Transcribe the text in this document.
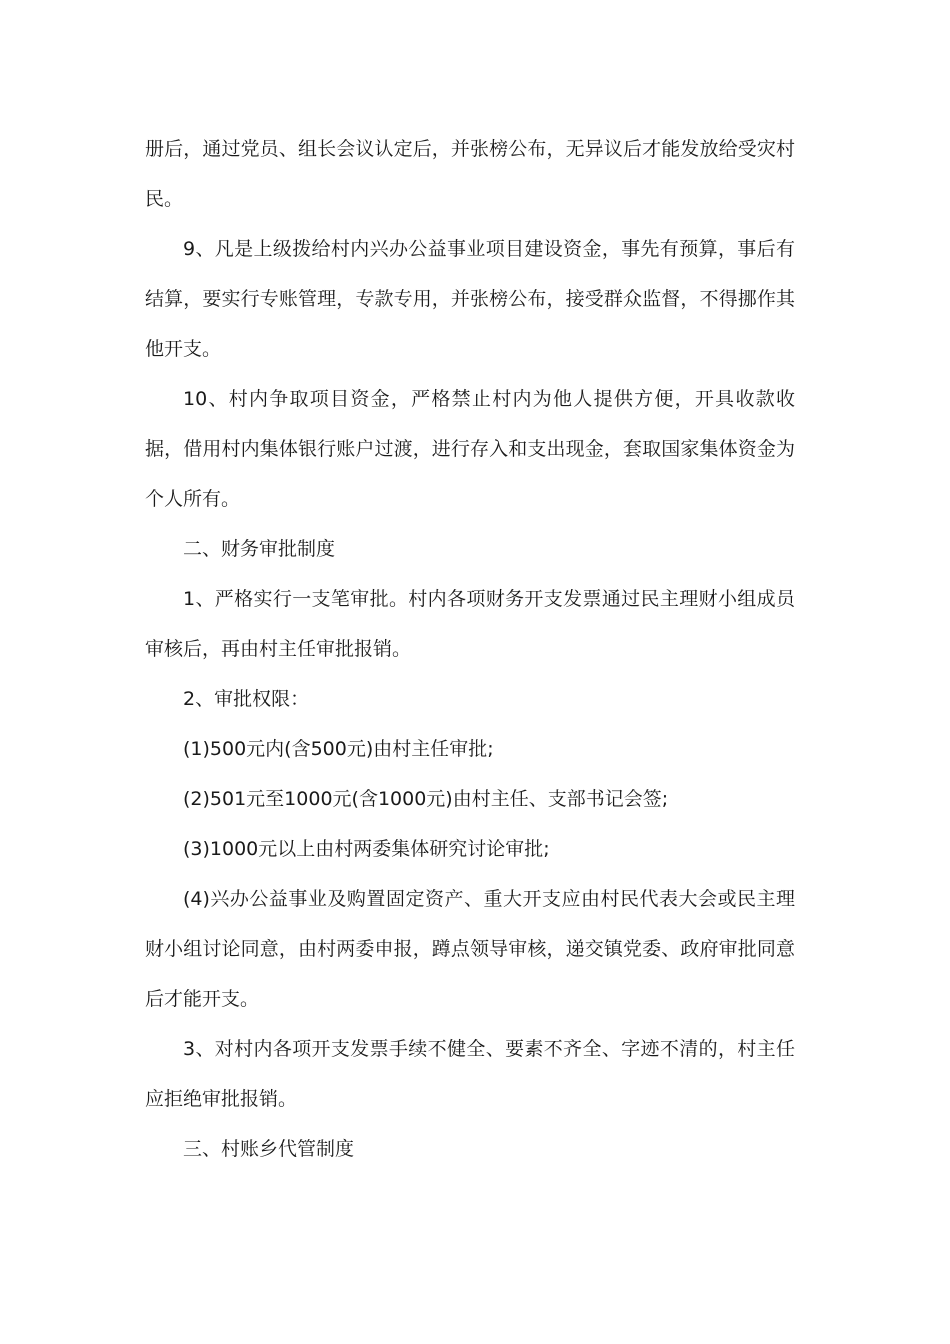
册后，通过党员、组长会议认定后，并张榜公布，无异议后才能发放给受灾村民。

9、凡是上级拨给村内兴办公益事业项目建设资金，事先有预算，事后有结算，要实行专账管理，专款专用，并张榜公布，接受群众监督，不得挪作其他开支。

10、村内争取项目资金，严格禁止村内为他人提供方便，开具收款收据，借用村内集体银行账户过渡，进行存入和支出现金，套取国家集体资金为个人所有。

二、财务审批制度

1、严格实行一支笔审批。村内各项财务开支发票通过民主理财小组成员审核后，再由村主任审批报销。

2、审批权限：

(1)500元内(含500元)由村主任审批;

(2)501元至1000元(含1000元)由村主任、支部书记会签;

(3)1000元以上由村两委集体研究讨论审批;

(4)兴办公益事业及购置固定资产、重大开支应由村民代表大会或民主理财小组讨论同意，由村两委申报，蹲点领导审核，递交镇党委、政府审批同意后才能开支。

3、对村内各项开支发票手续不健全、要素不齐全、字迹不清的，村主任应拒绝审批报销。

三、村账乡代管制度
